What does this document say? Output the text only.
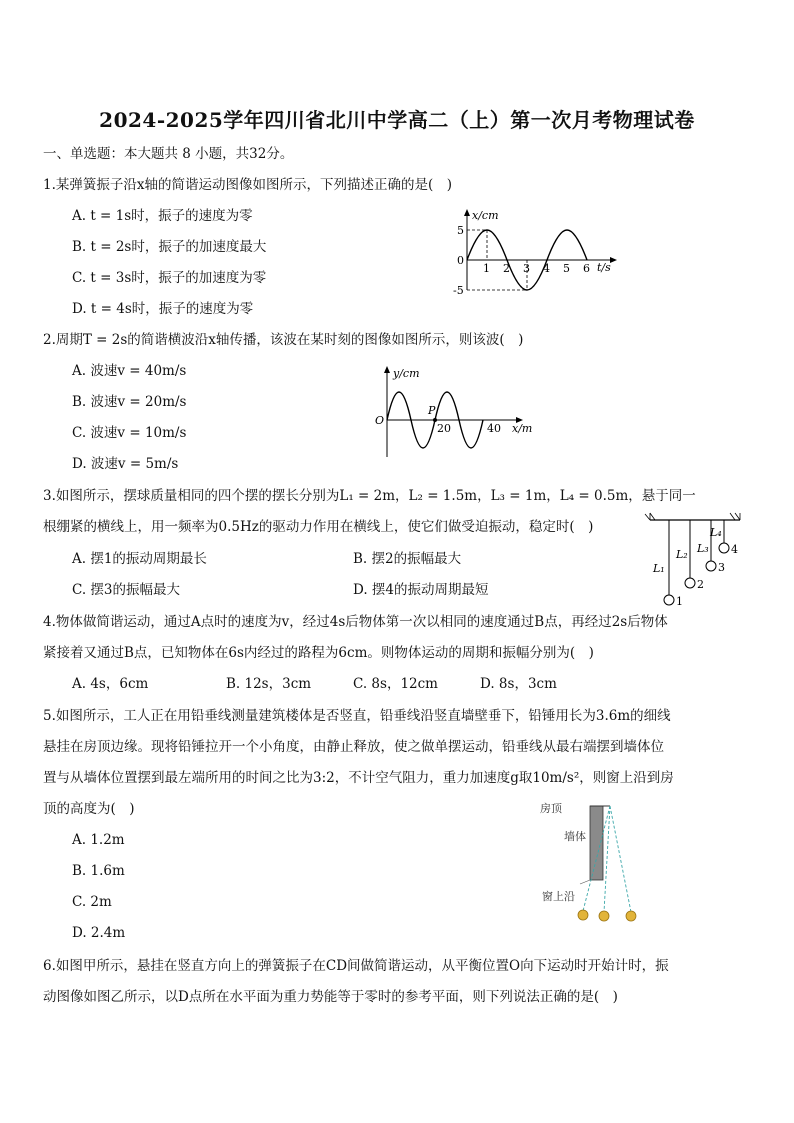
2024-2025学年四川省北川中学高二（上）第一次月考物理试卷
一、单选题：本大题共 8 小题，共32分。
1.某弹簧振子沿x轴的简谐运动图像如图所示，下列描述正确的是(　)
A. t = 1s时，振子的速度为零
B. t = 2s时，振子的加速度最大
C. t = 3s时，振子的加速度为零
D. t = 4s时，振子的速度为零
x/cm
t/s
0
5
-5
1 2 3 4 5 6
2.周期T = 2s的简谐横波沿x轴传播，该波在某时刻的图像如图所示，则该波(　)
A. 波速v = 40m/s
B. 波速v = 20m/s
C. 波速v = 10m/s
D. 波速v = 5m/s
y/cm
x/m
O
P
20	40
3.如图所示，摆球质量相同的四个摆的摆长分别为L₁ = 2m，L₂ = 1.5m，L₃ = 1m，L₄ = 0.5m，悬于同一
根绷紧的横线上，用一频率为0.5Hz的驱动力作用在横线上，使它们做受迫振动，稳定时(　)
A. 摆1的振动周期最长	B. 摆2的振幅最大
C. 摆3的振幅最大	D. 摆4的振动周期最短
L₁
L₂ L₃
L₄
1
2
3
4
4.物体做简谐运动，通过A点时的速度为v，经过4s后物体第一次以相同的速度通过B点，再经过2s后物体
紧接着又通过B点，已知物体在6s内经过的路程为6cm。则物体运动的周期和振幅分别为(　)
A. 4s，6cm	B. 12s，3cm	C. 8s，12cm	D. 8s，3cm
5.如图所示，工人正在用铅垂线测量建筑楼体是否竖直，铅垂线沿竖直墙壁垂下，铅锤用长为3.6m的细线
悬挂在房顶边缘。现将铅锤拉开一个小角度，由静止释放，使之做单摆运动，铅垂线从最右端摆到墙体位
置与从墙体位置摆到最左端所用的时间之比为3:2，不计空气阻力，重力加速度g取10m/s²，则窗上沿到房
顶的高度为(　)
A. 1.2m
B. 1.6m
C. 2m
D. 2.4m
房顶
墙体
窗上沿
6.如图甲所示，悬挂在竖直方向上的弹簧振子在CD间做简谐运动，从平衡位置O向下运动时开始计时，振
动图像如图乙所示，以D点所在水平面为重力势能等于零时的参考平面，则下列说法正确的是(　)
